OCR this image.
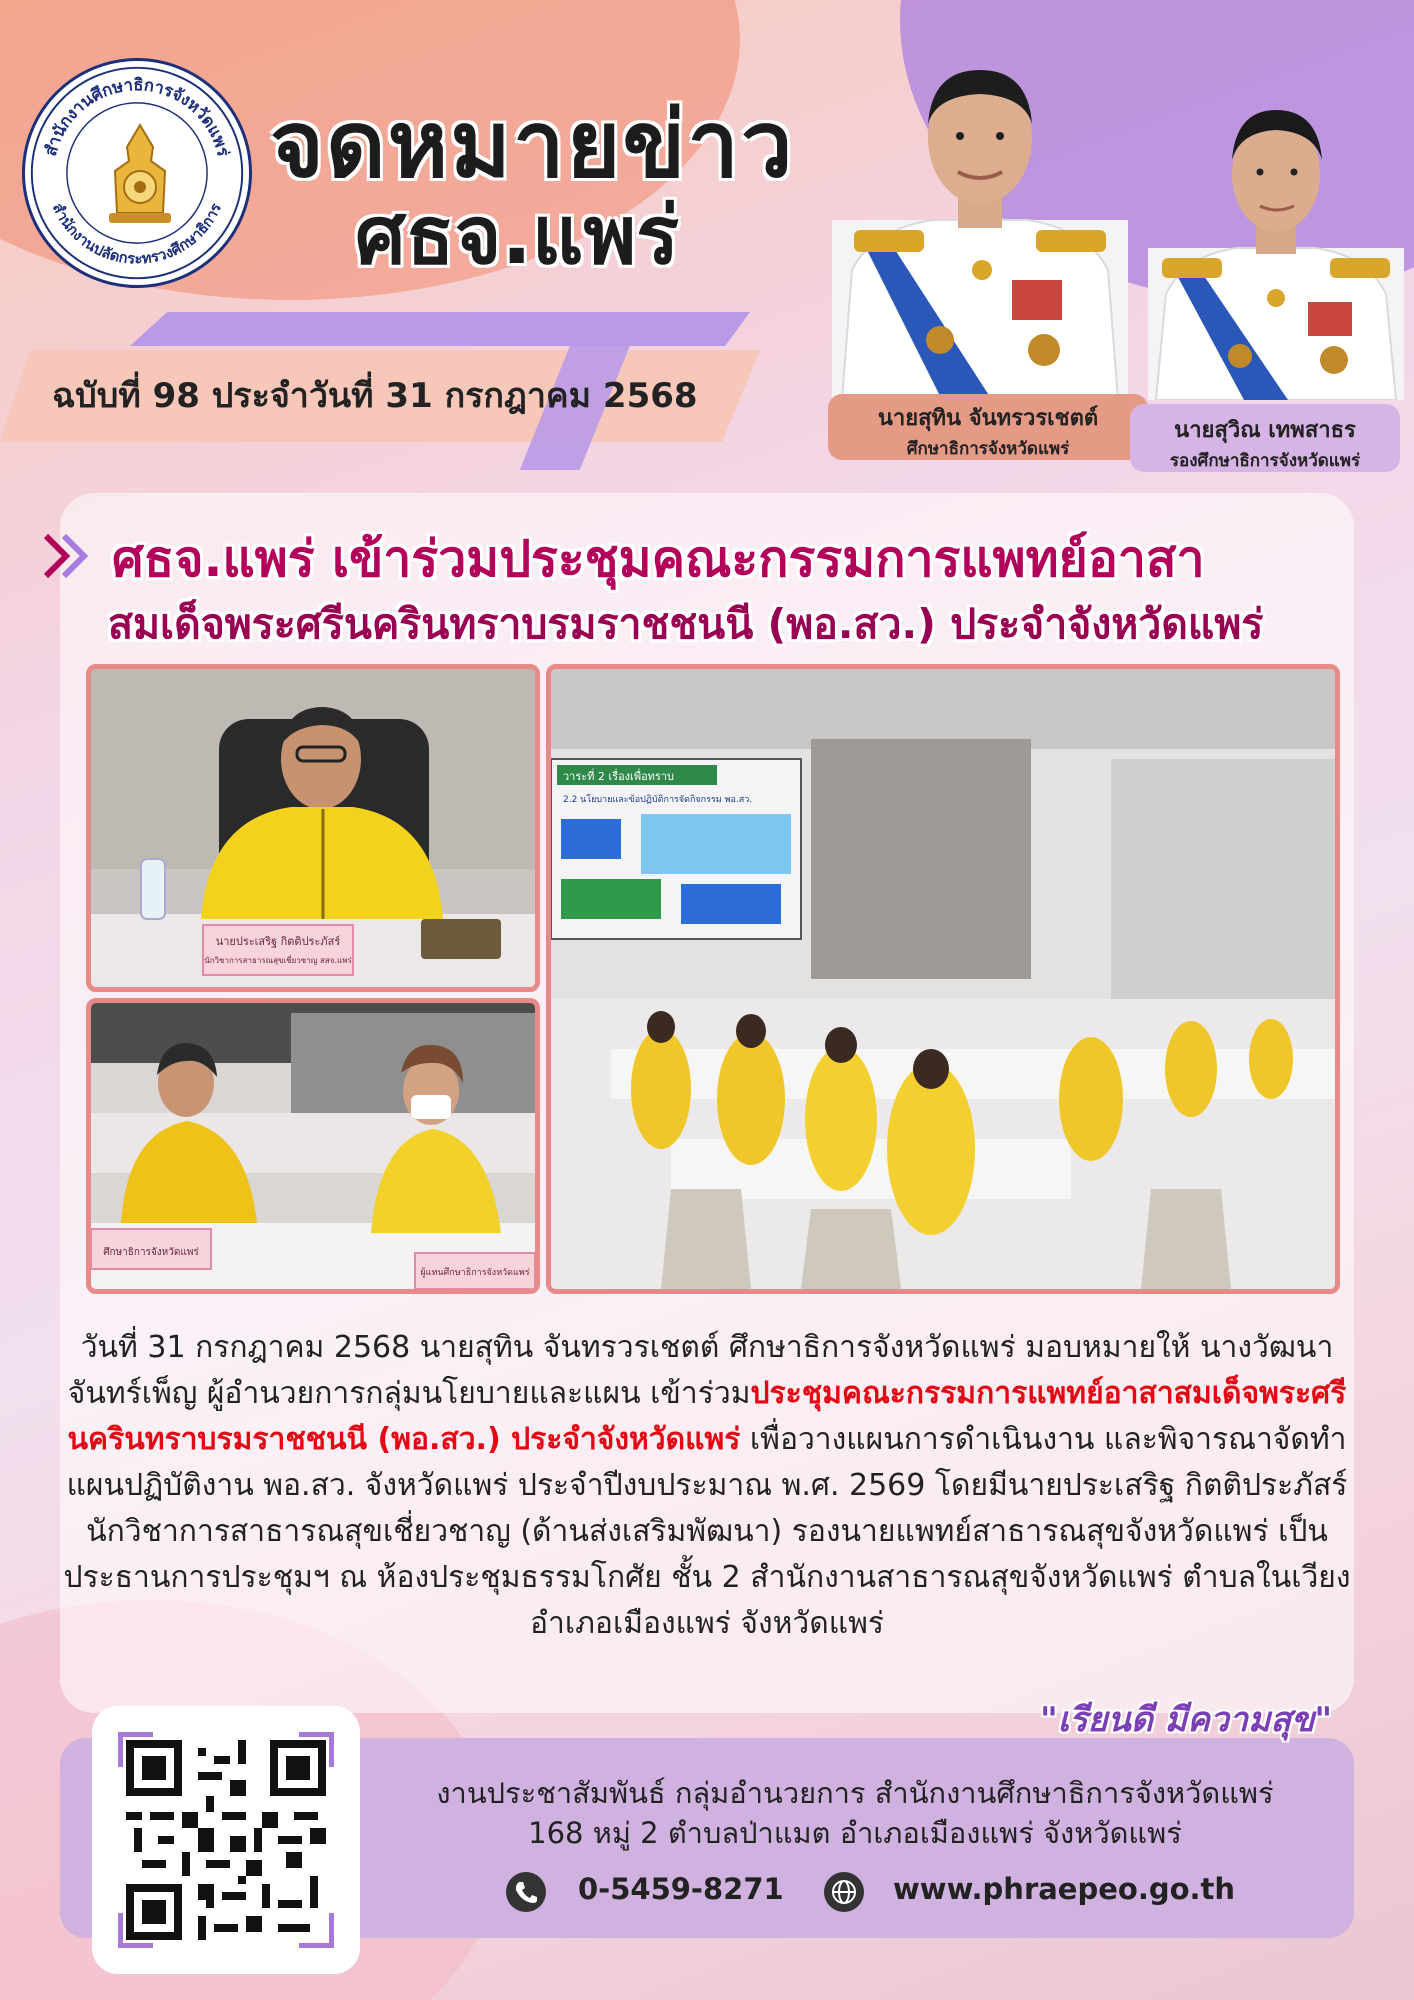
สำนักงานศึกษาธิการจังหวัดแพร่
สำนักงานปลัดกระทรวงศึกษาธิการ
จดหมายข่าว
ศธจ.แพร่
ฉบับที่ 98 ประจำวันที่ 31 กรกฎาคม 2568
นายสุทิน จันทรวรเชตต์
ศึกษาธิการจังหวัดแพร่
นายสุวิณ เทพสาธร
รองศึกษาธิการจังหวัดแพร่
ศธจ.แพร่ เข้าร่วมประชุมคณะกรรมการแพทย์อาสา
สมเด็จพระศรีนครินทราบรมราชชนนี (พอ.สว.) ประจำจังหวัดแพร่
นายประเสริฐ กิตติประภัสร์
นักวิชาการสาธารณสุขเชี่ยวชาญ สสจ.แพร่
ศึกษาธิการจังหวัดแพร่
ผู้แทนศึกษาธิการจังหวัดแพร่
วาระที่ 2 เรื่องเพื่อทราบ
2.2 นโยบายและข้อปฏิบัติการจัดกิจกรรม พอ.สว.
วันที่ 31 กรกฎาคม 2568 นายสุทิน จันทรวรเชตต์ ศึกษาธิการจังหวัดแพร่ มอบหมายให้ นางวัฒนา จันทร์เพ็ญ ผู้อำนวยการกลุ่มนโยบายและแผน เข้าร่วมประชุมคณะกรรมการแพทย์อาสาสมเด็จพระศรีนครินทราบรมราชชนนี (พอ.สว.) ประจำจังหวัดแพร่ เพื่อวางแผนการดำเนินงาน และพิจารณาจัดทำแผนปฏิบัติงาน พอ.สว. จังหวัดแพร่ ประจำปีงบประมาณ พ.ศ. 2569 โดยมีนายประเสริฐ กิตติประภัสร์ นักวิชาการสาธารณสุขเชี่ยวชาญ (ด้านส่งเสริมพัฒนา) รองนายแพทย์สาธารณสุขจังหวัดแพร่ เป็นประธานการประชุมฯ ณ ห้องประชุมธรรมโกศัย ชั้น 2 สำนักงานสาธารณสุขจังหวัดแพร่ ตำบลในเวียง อำเภอเมืองแพร่ จังหวัดแพร่
"เรียนดี มีความสุข"
งานประชาสัมพันธ์ กลุ่มอำนวยการ สำนักงานศึกษาธิการจังหวัดแพร่
168 หมู่ 2 ตำบลป่าแมต อำเภอเมืองแพร่ จังหวัดแพร่
0-5459-8271	www.phraepeo.go.th
